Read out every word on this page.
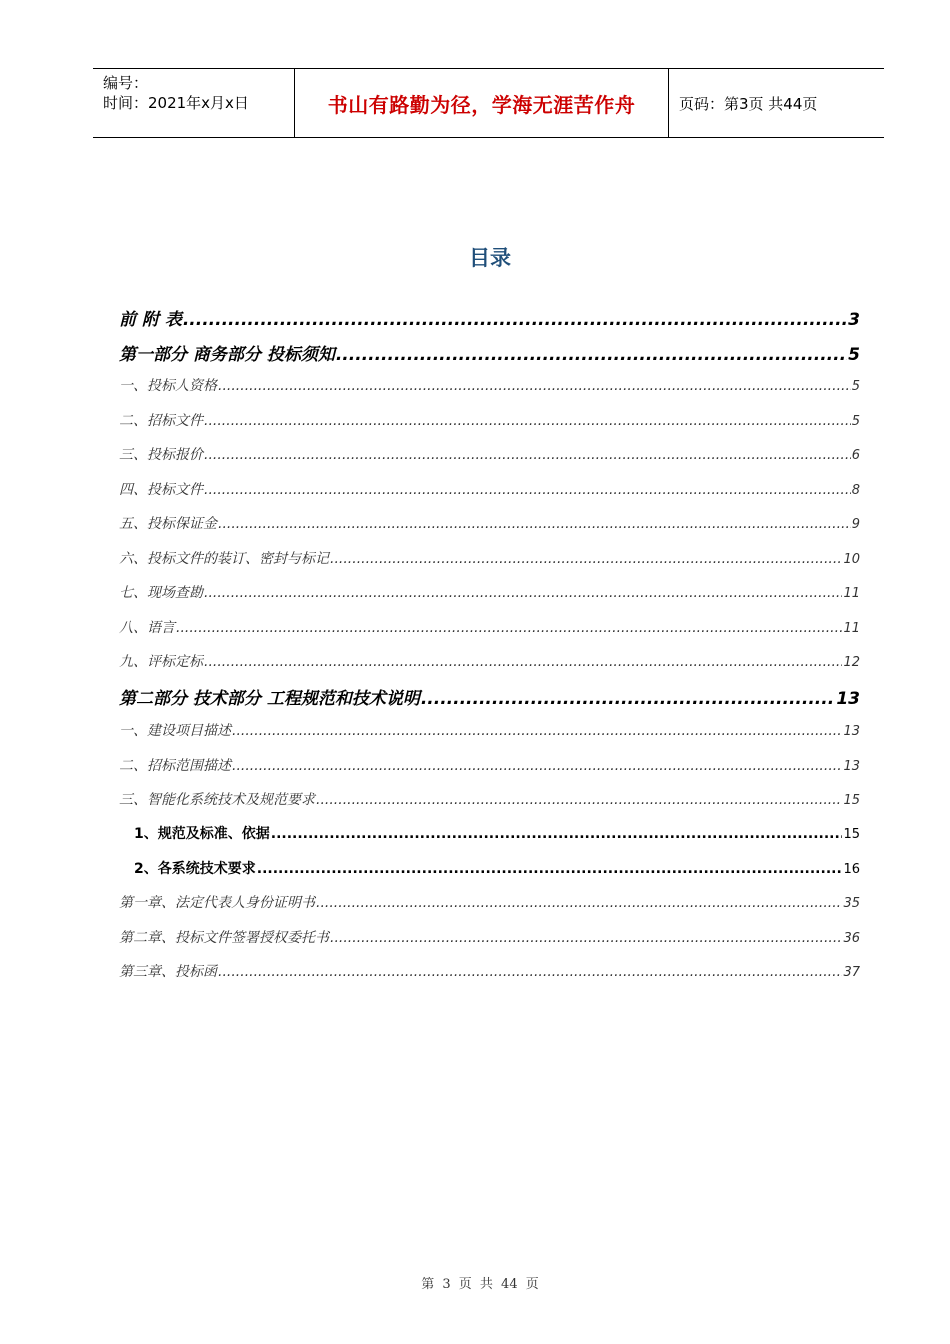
编号：
时间：2021年x月x日	书山有路勤为径，学海无涯苦作舟	页码：第3页 共44页
目录
前 附 表 .....	3
第一部分 商务部分 投标须知 .....	5
一、投标人资格 .....	5
二、招标文件 .....	5
三、投标报价 .....	6
四、投标文件 .....	8
五、投标保证金 .....	9
六、投标文件的装订、密封与标记 .....	10
七、现场查勘 .....	11
八、语言 .....	11
九、评标定标 .....	12
第二部分 技术部分 工程规范和技术说明 .....	13
一、建设项目描述 .....	13
二、招标范围描述 .....	13
三、智能化系统技术及规范要求 .....	15
1、规范及标准、依据 .....	15
2、各系统技术要求 .....	16
第一章、法定代表人身份证明书 .....	35
第二章、投标文件签署授权委托书 .....	36
第三章、投标函 .....	37
第 3 页 共 44 页
